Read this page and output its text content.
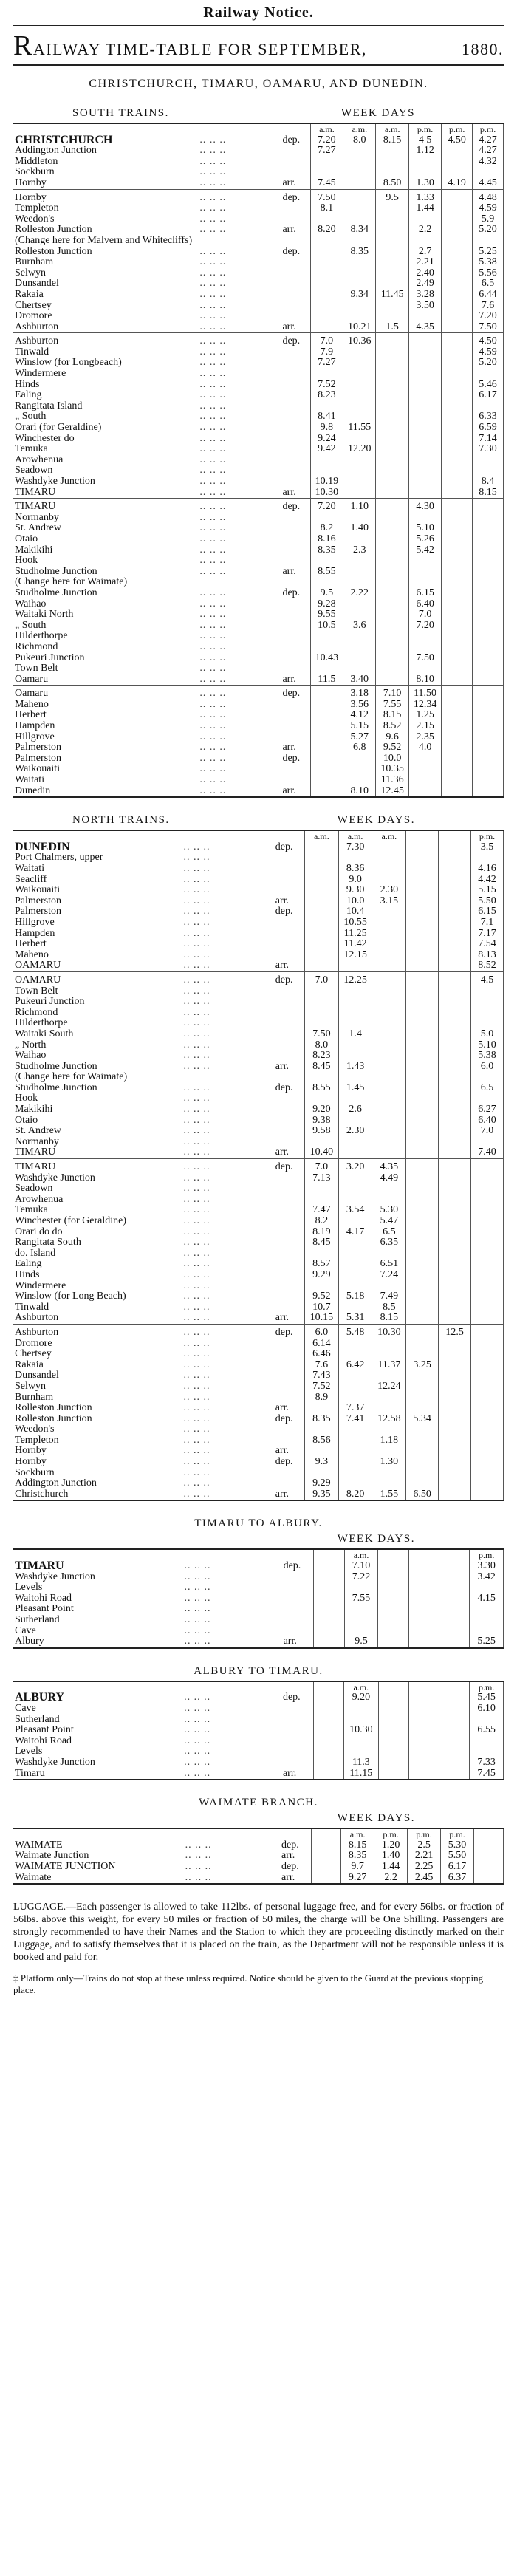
Railway Notice.
RAILWAY TIME-TABLE FOR SEPTEMBER,	1880.
CHRISTCHURCH, TIMARU, OAMARU, AND DUNEDIN.
SOUTH TRAINS.	WEEK DAYS
			a.m.	a.m.	a.m.	p.m.	p.m.	p.m.
CHRISTCHURCH	.. .. ..	dep.	7.20	8.0	8.15	4 5	4.50	4.27
Addington Junction	.. .. ..		7.27			1.12		4.27
Middleton	.. .. ..							4.32
Sockburn	.. .. ..							
Hornby	.. .. ..	arr.	7.45		8.50	1.30	4.19	4.45
Hornby	.. .. ..	dep.	7.50		9.5	1.33		4.48
Templeton	.. .. ..		8.1			1.44		4.59
Weedon's	.. .. ..							5.9
Rolleston Junction	.. .. ..	arr.	8.20	8.34		2.2		5.20
(Change here for Malvern and Whitecliffs)								
Rolleston Junction	.. .. ..	dep.		8.35		2.7		5.25
Burnham	.. .. ..					2.21		5.38
Selwyn	.. .. ..					2.40		5.56
Dunsandel	.. .. ..					2.49		6.5
Rakaia	.. .. ..			9.34	11.45	3.28		6.44
Chertsey	.. .. ..					3.50		7.6
Dromore	.. .. ..							7.20
Ashburton	.. .. ..	arr.		10.21	1.5	4.35		7.50
Ashburton	.. .. ..	dep.	7.0	10.36				4.50
Tinwald	.. .. ..		7.9					4.59
Winslow (for Longbeach)	.. .. ..		7.27					5.20
Windermere	.. .. ..							
Hinds	.. .. ..		7.52					5.46
Ealing	.. .. ..		8.23					6.17
Rangitata Island	.. .. ..							
„ South	.. .. ..		8.41					6.33
Orari (for Geraldine)	.. .. ..		9.8	11.55				6.59
Winchester do	.. .. ..		9.24					7.14
Temuka	.. .. ..		9.42	12.20				7.30
Arowhenua	.. .. ..							
Seadown	.. .. ..							
Washdyke Junction	.. .. ..		10.19					8.4
TIMARU	.. .. ..	arr.	10.30					8.15
TIMARU	.. .. ..	dep.	7.20	1.10		4.30		
Normanby	.. .. ..							
St. Andrew	.. .. ..		8.2	1.40		5.10		
Otaio	.. .. ..		8.16			5.26		
Makikihi	.. .. ..		8.35	2.3		5.42		
Hook	.. .. ..							
Studholme Junction	.. .. ..	arr.	8.55					
(Change here for Waimate)								
Studholme Junction	.. .. ..	dep.	9.5	2.22		6.15		
Waihao	.. .. ..		9.28			6.40		
Waitaki North	.. .. ..		9.55			7.0		
„ South	.. .. ..		10.5	3.6		7.20		
Hilderthorpe	.. .. ..							
Richmond	.. .. ..							
Pukeuri Junction	.. .. ..		10.43			7.50		
Town Belt	.. .. ..							
Oamaru	.. .. ..	arr.	11.5	3.40		8.10		
Oamaru	.. .. ..	dep.		3.18	7.10	11.50		
Maheno	.. .. ..			3.56	7.55	12.34		
Herbert	.. .. ..			4.12	8.15	1.25		
Hampden	.. .. ..			5.15	8.52	2.15		
Hillgrove	.. .. ..			5.27	9.6	2.35		
Palmerston	.. .. ..	arr.		6.8	9.52	4.0		
Palmerston	.. .. ..	dep.			10.0			
Waikouaiti	.. .. ..				10.35			
Waitati	.. .. ..				11.36			
Dunedin	.. .. ..	arr.		8.10	12.45			
NORTH TRAINS.	WEEK DAYS.
			a.m.	a.m.	a.m.			p.m.
DUNEDIN	.. .. ..	dep.		7.30				3.5
Port Chalmers, upper	.. .. ..							
Waitati	.. .. ..			8.36				4.16
Seacliff	.. .. ..			9.0				4.42
Waikouaiti	.. .. ..			9.30	2.30			5.15
Palmerston	.. .. ..	arr.		10.0	3.15			5.50
Palmerston	.. .. ..	dep.		10.4				6.15
Hillgrove	.. .. ..			10.55				7.1
Hampden	.. .. ..			11.25				7.17
Herbert	.. .. ..			11.42				7.54
Maheno	.. .. ..			12.15				8.13
OAMARU	.. .. ..	arr.						8.52
OAMARU	.. .. ..	dep.	7.0	12.25				4.5
Town Belt	.. .. ..							
Pukeuri Junction	.. .. ..							
Richmond	.. .. ..							
Hilderthorpe	.. .. ..							
Waitaki South	.. .. ..		7.50	1.4				5.0
„ North	.. .. ..		8.0					5.10
Waihao	.. .. ..		8.23					5.38
Studholme Junction	.. .. ..	arr.	8.45	1.43				6.0
(Change here for Waimate)								
Studholme Junction	.. .. ..	dep.	8.55	1.45				6.5
Hook	.. .. ..							
Makikihi	.. .. ..		9.20	2.6				6.27
Otaio	.. .. ..		9.38					6.40
St. Andrew	.. .. ..		9.58	2.30				7.0
Normanby	.. .. ..							
TIMARU	.. .. ..	arr.	10.40					7.40
TIMARU	.. .. ..	dep.	7.0	3.20	4.35			
Washdyke Junction	.. .. ..		7.13		4.49			
Seadown	.. .. ..							
Arowhenua	.. .. ..							
Temuka	.. .. ..		7.47	3.54	5.30			
Winchester (for Geraldine)	.. .. ..		8.2		5.47			
Orari do do	.. .. ..		8.19	4.17	6.5			
Rangitata South	.. .. ..		8.45		6.35			
do. Island	.. .. ..							
Ealing	.. .. ..		8.57		6.51			
Hinds	.. .. ..		9.29		7.24			
Windermere	.. .. ..							
Winslow (for Long Beach)	.. .. ..		9.52	5.18	7.49			
Tinwald	.. .. ..		10.7		8.5			
Ashburton	.. .. ..	arr.	10.15	5.31	8.15			
Ashburton	.. .. ..	dep.	6.0	5.48	10.30		12.5	
Dromore	.. .. ..		6.14					
Chertsey	.. .. ..		6.46					
Rakaia	.. .. ..		7.6	6.42	11.37	3.25		
Dunsandel	.. .. ..		7.43					
Selwyn	.. .. ..		7.52		12.24			
Burnham	.. .. ..		8.9					
Rolleston Junction	.. .. ..	arr.		7.37				
Rolleston Junction	.. .. ..	dep.	8.35	7.41	12.58	5.34		
Weedon's	.. .. ..							
Templeton	.. .. ..		8.56		1.18			
Hornby	.. .. ..	arr.						
Hornby	.. .. ..	dep.	9.3		1.30			
Sockburn	.. .. ..							
Addington Junction	.. .. ..		9.29					
Christchurch	.. .. ..	arr.	9.35	8.20	1.55	6.50		
TIMARU TO ALBURY.
WEEK DAYS.
				a.m.				p.m.
TIMARU	.. .. ..	dep.		7.10				3.30
Washdyke Junction	.. .. ..			7.22				3.42
Levels	.. .. ..							
Waitohi Road	.. .. ..			7.55				4.15
Pleasant Point	.. .. ..							
Sutherland	.. .. ..							
Cave	.. .. ..							
Albury	.. .. ..	arr.		9.5				5.25
ALBURY TO TIMARU.
				a.m.				p.m.
ALBURY	.. .. ..	dep.		9.20				5.45
Cave	.. .. ..							6.10
Sutherland	.. .. ..							
Pleasant Point	.. .. ..			10.30				6.55
Waitohi Road	.. .. ..							
Levels	.. .. ..							
Washdyke Junction	.. .. ..			11.3				7.33
Timaru	.. .. ..	arr.		11.15				7.45
WAIMATE BRANCH.
WEEK DAYS.
				a.m.	p.m.	p.m.	p.m.	
WAIMATE	.. .. ..	dep.		8.15	1.20	2.5	5.30	
Waimate Junction	.. .. ..	arr.		8.35	1.40	2.21	5.50	
WAIMATE JUNCTION	.. .. ..	dep.		9.7	1.44	2.25	6.17	
Waimate	.. .. ..	arr.		9.27	2.2	2.45	6.37	
LUGGAGE.—Each passenger is allowed to take 112lbs. of personal luggage free, and for every 56lbs. or fraction of 56lbs. above this weight, for every 50 miles or fraction of 50 miles, the charge will be One Shilling. Passengers are strongly recommended to have their Names and the Station to which they are proceeding distinctly marked on their Luggage, and to satisfy themselves that it is placed on the train, as the Department will not be responsible unless it is booked and paid for.
‡ Platform only—Trains do not stop at these unless required. Notice should be given to the Guard at the previous stopping place.
